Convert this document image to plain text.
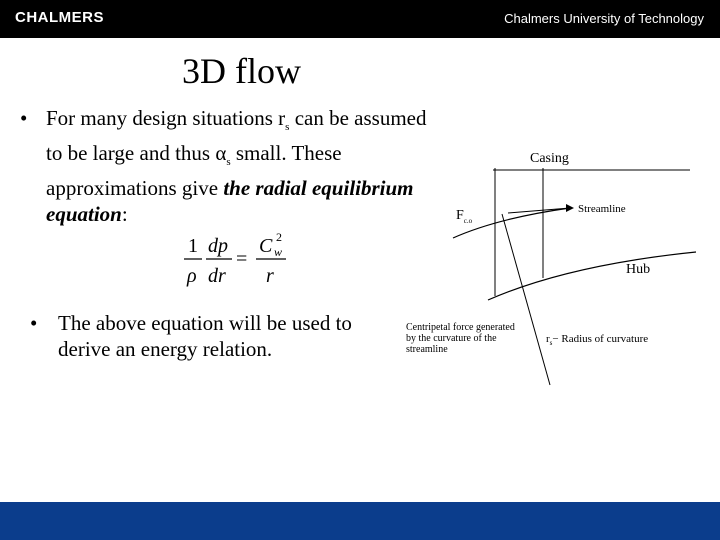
CHALMERS	Chalmers University of Technology
3D flow
• For many design situations $r_s$ can be assumed to be large and thus $\alpha_s$ small. These approximations give the radial equilibrium equation:
1
ρ
dp
dr
=
C 2
w
r
• The above equation will be used to derive an energy relation.
Casing
Streamline
$F_{c.o}$
Hub
Centripetal force generated
by the curvature of the
streamline
$r_s-$ Radius of curvature
